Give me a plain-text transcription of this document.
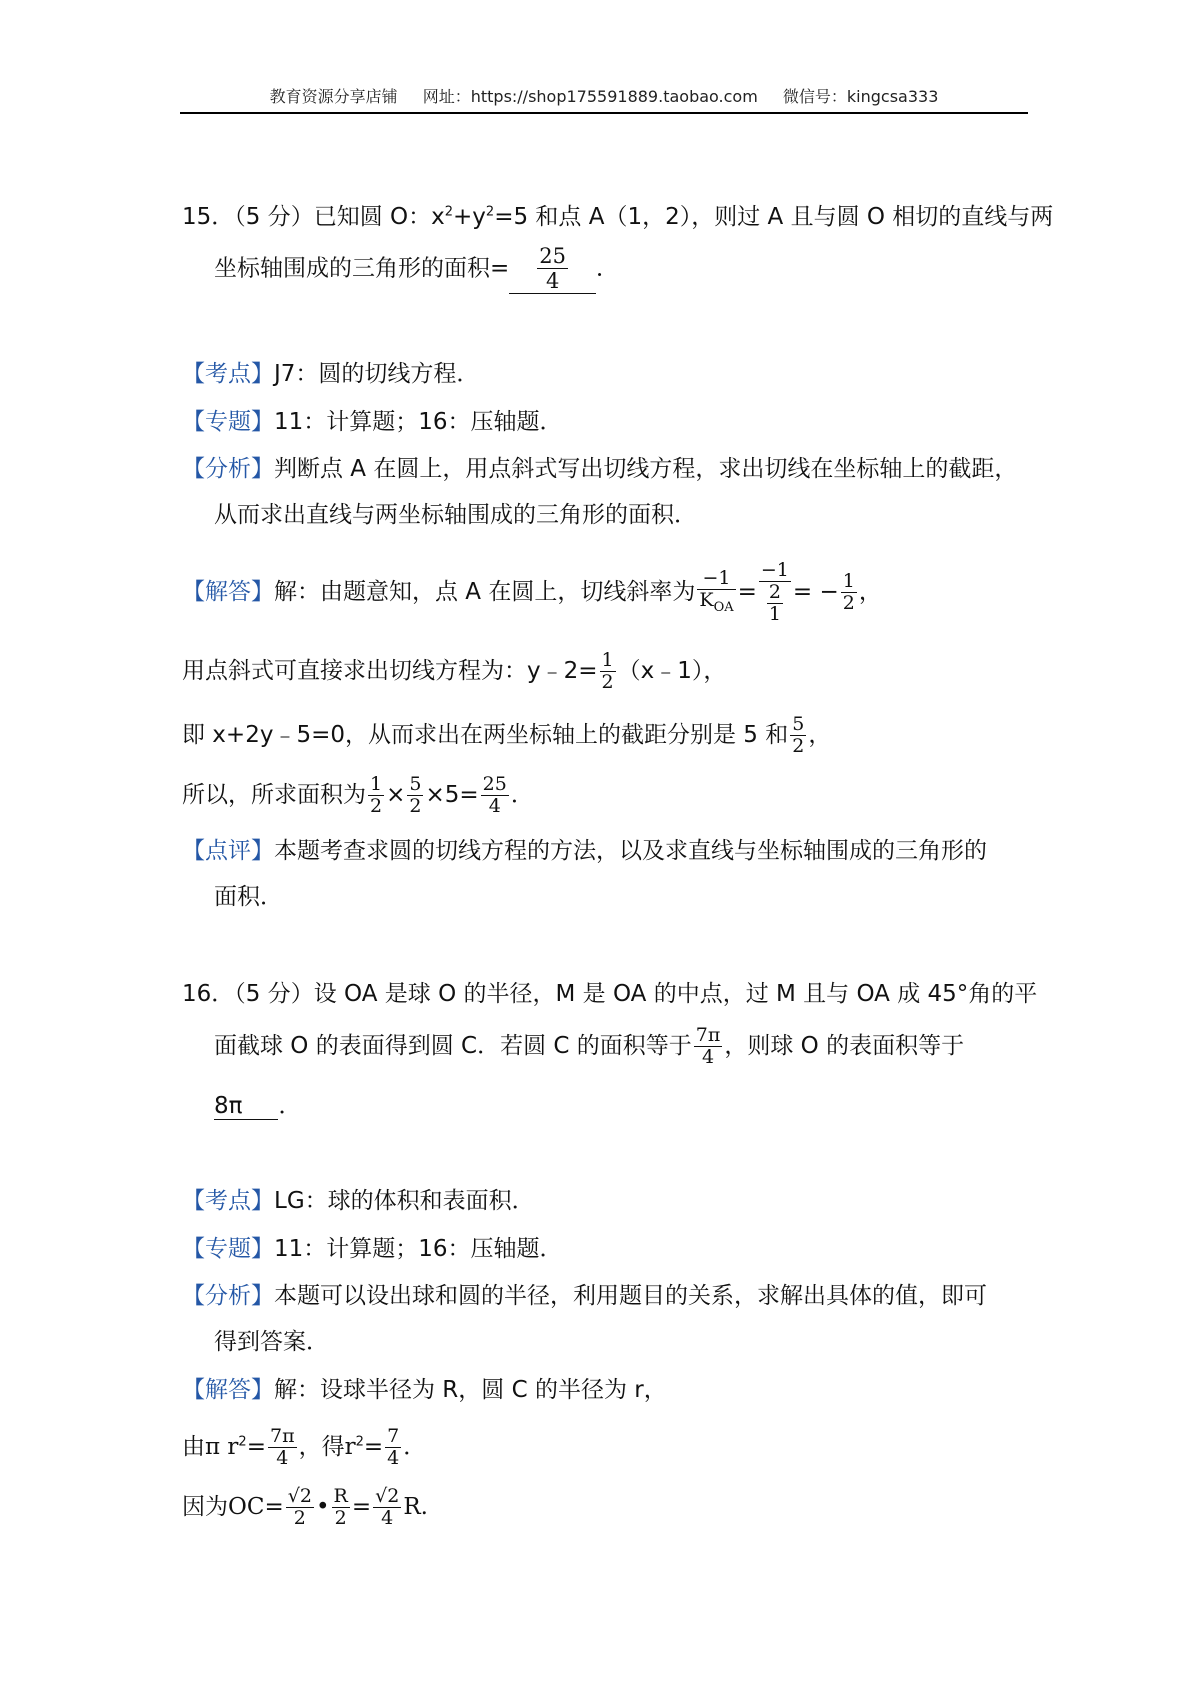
教育资源分享店铺 网址：https://shop175591889.taobao.com 微信号：kingcsa333
15．（5 分）已知圆 O：$x^2+y^2=5$ 和点 A（1，2），则过 A 且与圆 O 相切的直线与两
坐标轴围成的三角形的面积= $\frac{25}{4}$ ．
【考点】J7：圆的切线方程．
【专题】11：计算题；16：压轴题．
【分析】判断点 A 在圆上，用点斜式写出切线方程，求出切线在坐标轴上的截距，
从而求出直线与两坐标轴围成的三角形的面积．
【解答】解：由题意知，点 A 在圆上，切线斜率为 $\frac{-1}{K_{OA}} = \frac{-1}{\frac{2}{1}}$ = − $\frac{1}{2}$ ，
用点斜式可直接求出切线方程为：y﹣2= $\frac{1}{2}$ （x﹣1），
即 x+2y﹣5=0，从而求出在两坐标轴上的截距分别是 5 和 $\frac{5}{2}$ ，
所以，所求面积为 $\frac{1}{2} \times \frac{5}{2} \times 5= \frac{25}{4}$ ．
【点评】本题考查求圆的切线方程的方法，以及求直线与坐标轴围成的三角形的
面积．
16．（5 分）设 OA 是球 O 的半径，M 是 OA 的中点，过 M 且与 OA 成 45°角的平
面截球 O 的表面得到圆 C．若圆 C 的面积等于 $\frac{7\pi}{4}$ ，则球 O 的表面积等于
8π ．
【考点】LG：球的体积和表面积．
【专题】11：计算题；16：压轴题．
【分析】本题可以设出球和圆的半径，利用题目的关系，求解出具体的值，即可
得到答案．
【解答】解：设球半径为 R，圆 C 的半径为 r，
由π $r^2= \frac{7\pi}{4}$ ，得$r^2= \frac{7}{4}$ ．
因为$OC= \frac{√2}{2}$ • $\frac{R}{2} = \frac{√2}{4} R$.
